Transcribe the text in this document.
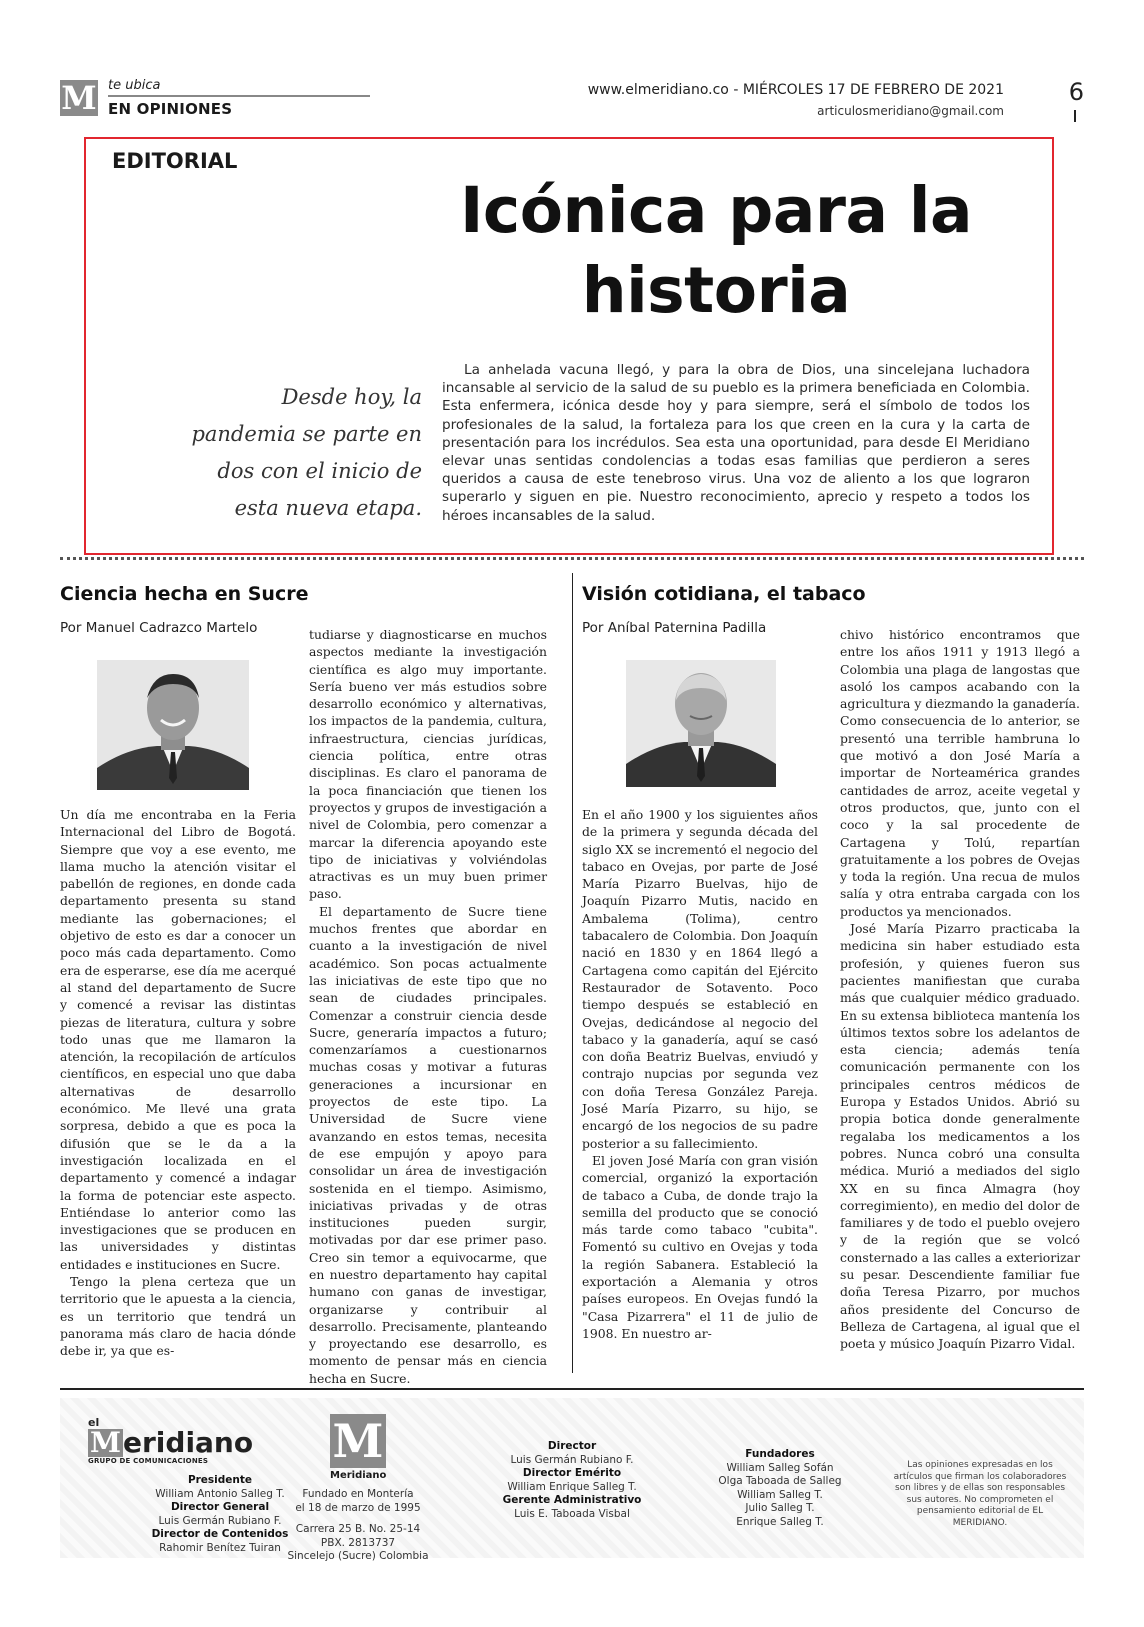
M te ubica
EN OPINIONES
www.elmeridiano.co - MIÉRCOLES 17 DE FEBRERO DE 2021
articulosmeridiano@gmail.com
6
EDITORIAL
Icónica para la historia
Desde hoy, la pandemia se parte en dos con el inicio de esta nueva etapa.
La anhelada vacuna llegó, y para la obra de Dios, una sincelejana luchadora incansable al servicio de la salud de su pueblo es la primera beneficiada en Colombia. Esta enfermera, icónica desde hoy y para siempre, será el símbolo de todos los profesionales de la salud, la fortaleza para los que creen en la cura y la carta de presentación para los incrédulos. Sea esta una oportunidad, para desde El Meridiano elevar unas sentidas condolencias a todas esas familias que perdieron a seres queridos a causa de este tenebroso virus. Una voz de aliento a los que lograron superarlo y siguen en pie. Nuestro reconocimiento, aprecio y respeto a todos los héroes incansables de la salud.
Ciencia hecha en Sucre
Por Manuel Cadrazco Martelo

Un día me encontraba en la Feria Internacional del Libro de Bogotá. Siempre que voy a ese evento, me llama mucho la atención visitar el pabellón de regiones, en donde cada departamento presenta su stand mediante las gobernaciones; el objetivo de esto es dar a conocer un poco más cada departamento. Como era de esperarse, ese día me acerqué al stand del departamento de Sucre y comencé a revisar las distintas piezas de literatura, cultura y sobre todo unas que me llamaron la atención, la recopilación de artículos científicos, en especial uno que daba alternativas de desarrollo económico. Me llevé una grata sorpresa, debido a que es poca la difusión que se le da a la investigación localizada en el departamento y comencé a indagar la forma de potenciar este aspecto. Entiéndase lo anterior como las investigaciones que se producen en las universidades y distintas entidades e instituciones en Sucre.

Tengo la plena certeza que un territorio que le apuesta a la ciencia, es un territorio que tendrá un panorama más claro de hacia dónde debe ir, ya que es-

tudiarse y diagnosticarse en muchos aspectos mediante la investigación científica es algo muy importante. Sería bueno ver más estudios sobre desarrollo económico y alternativas, los impactos de la pandemia, cultura, infraestructura, ciencias jurídicas, ciencia política, entre otras disciplinas. Es claro el panorama de la poca financiación que tienen los proyectos y grupos de investigación a nivel de Colombia, pero comenzar a marcar la diferencia apoyando este tipo de iniciativas y volviéndolas atractivas es un muy buen primer paso.

El departamento de Sucre tiene muchos frentes que abordar en cuanto a la investigación de nivel académico. Son pocas actualmente las iniciativas de este tipo que no sean de ciudades principales. Comenzar a construir ciencia desde Sucre, generaría impactos a futuro; comenzaríamos a cuestionarnos muchas cosas y motivar a futuras generaciones a incursionar en proyectos de este tipo. La Universidad de Sucre viene avanzando en estos temas, necesita de ese empujón y apoyo para consolidar un área de investigación sostenida en el tiempo. Asimismo, iniciativas privadas y de otras instituciones pueden surgir, motivadas por dar ese primer paso. Creo sin temor a equivocarme, que en nuestro departamento hay capital humano con ganas de investigar, organizarse y contribuir al desarrollo. Precisamente, planteando y proyectando ese desarrollo, es momento de pensar más en ciencia hecha en Sucre.

Visión cotidiana, el tabaco
Por Aníbal Paternina Padilla

En el año 1900 y los siguientes años de la primera y segunda década del siglo XX se incrementó el negocio del tabaco en Ovejas, por parte de José María Pizarro Buelvas, hijo de Joaquín Pizarro Mutis, nacido en Ambalema (Tolima), centro tabacalero de Colombia. Don Joaquín nació en 1830 y en 1864 llegó a Cartagena como capitán del Ejército Restaurador de Sotavento. Poco tiempo después se estableció en Ovejas, dedicándose al negocio del tabaco y la ganadería, aquí se casó con doña Beatriz Buelvas, enviudó y contrajo nupcias por segunda vez con doña Teresa González Pareja. José María Pizarro, su hijo, se encargó de los negocios de su padre posterior a su fallecimiento.

El joven José María con gran visión comercial, organizó la exportación de tabaco a Cuba, de donde trajo la semilla del producto que se conoció más tarde como tabaco "cubita". Fomentó su cultivo en Ovejas y toda la región Sabanera. Estableció la exportación a Alemania y otros países europeos. En Ovejas fundó la "Casa Pizarrera" el 11 de julio de 1908. En nuestro ar-

chivo histórico encontramos que entre los años 1911 y 1913 llegó a Colombia una plaga de langostas que asoló los campos acabando con la agricultura y diezmando la ganadería. Como consecuencia de lo anterior, se presentó una terrible hambruna lo que motivó a don José María a importar de Norteamérica grandes cantidades de arroz, aceite vegetal y otros productos, que, junto con el coco y la sal procedente de Cartagena y Tolú, repartían gratuitamente a los pobres de Ovejas y toda la región. Una recua de mulos salía y otra entraba cargada con los productos ya mencionados.

José María Pizarro practicaba la medicina sin haber estudiado esta profesión, y quienes fueron sus pacientes manifiestan que curaba más que cualquier médico graduado. En su extensa biblioteca mantenía los últimos textos sobre los adelantos de esta ciencia; además tenía comunicación permanente con los principales centros médicos de Europa y Estados Unidos. Abrió su propia botica donde generalmente regalaba los medicamentos a los pobres. Nunca cobró una consulta médica. Murió a mediados del siglo XX en su finca Almagra (hoy corregimiento), en medio del dolor de familiares y de todo el pueblo ovejero y de la región que se volcó consternado a las calles a exteriorizar su pesar. Descendiente familiar fue doña Teresa Pizarro, por muchos años presidente del Concurso de Belleza de Cartagena, al igual que el poeta y músico Joaquín Pizarro Vidal.

el
Meridiano
GRUPO DE COMUNICACIONES
Presidente
William Antonio Salleg T.
Director General
Luis Germán Rubiano F.
Director de Contenidos
Rahomir Benítez Tuiran
M
Meridiano
Fundado en Montería
el 18 de marzo de 1995
Carrera 25 B. No. 25-14
PBX. 2813737
Sincelejo (Sucre) Colombia
Director
Luis Germán Rubiano F.
Director Emérito
William Enrique Salleg T.
Gerente Administrativo
Luis E. Taboada Visbal
Fundadores
William Salleg Sofán
Olga Taboada de Salleg
William Salleg T.
Julio Salleg T.
Enrique Salleg T.
Las opiniones expresadas en los artículos que firman los colaboradores son libres y de ellas son responsables sus autores. No comprometen el pensamiento editorial de EL MERIDIANO.
